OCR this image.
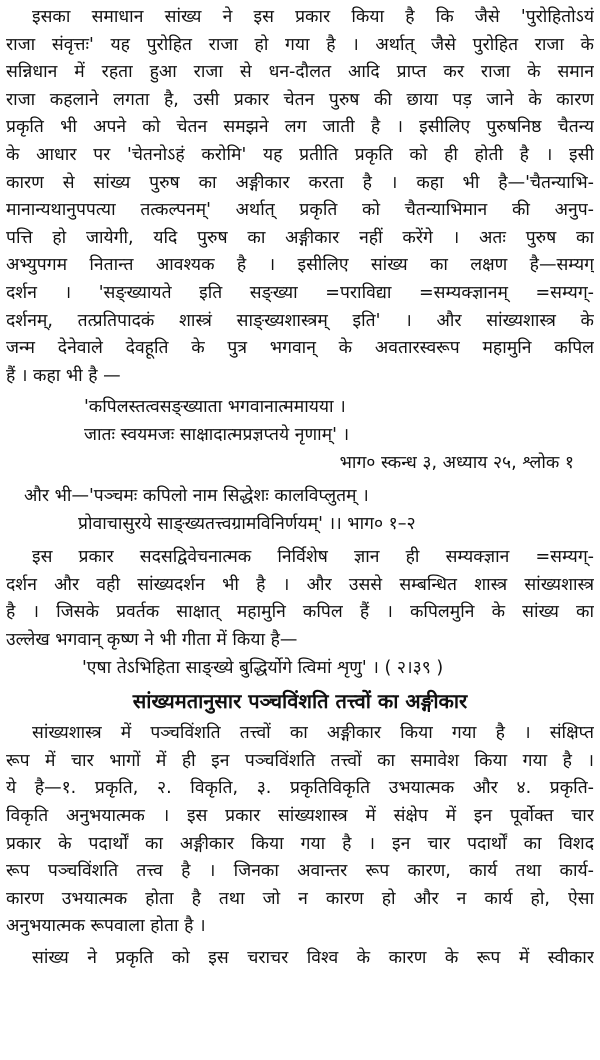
इसका समाधान सांख्य ने इस प्रकार किया है कि जैसे 'पुरोहितोऽयं
राजा संवृत्तः' यह पुरोहित राजा हो गया है । अर्थात् जैसे पुरोहित राजा के
सन्निधान में रहता हुआ राजा से धन-दौलत आदि प्राप्त कर राजा के समान
राजा कहलाने लगता है, उसी प्रकार चेतन पुरुष की छाया पड़ जाने के कारण
प्रकृति भी अपने को चेतन समझने लग जाती है । इसीलिए पुरुषनिष्ठ चैतन्य
के आधार पर 'चेतनोऽहं करोमि' यह प्रतीति प्रकृति को ही होती है । इसी
कारण से सांख्य पुरुष का अङ्गीकार करता है । कहा भी है—'चैतन्याभि-
मानान्यथानुपपत्या तत्कल्पनम्' अर्थात् प्रकृति को चैतन्याभिमान की अनुप-
पत्ति हो जायेगी, यदि पुरुष का अङ्गीकार नहीं करेंगे । अतः पुरुष का
अभ्युपगम नितान्त आवश्यक है । इसीलिए सांख्य का लक्षण है—सम्यग्
दर्शन । 'सङ्ख्यायते इति सङ्ख्या =पराविद्या =सम्यक्ज्ञानम् =सम्यग्-
दर्शनम्, तत्प्रतिपादकं शास्त्रं साङ्ख्यशास्त्रम् इति' । और सांख्यशास्त्र के
जन्म देनेवाले देवहूति के पुत्र भगवान् के अवतारस्वरूप महामुनि कपिल
हैं । कहा भी है —
'कपिलस्तत्वसङ्ख्याता भगवानात्ममायया ।
जातः स्वयमजः साक्षादात्मप्रज्ञप्तये नृणाम्' ।
भाग० स्कन्ध ३, अध्याय २५, श्लोक १
और भी—'पञ्चमः कपिलो नाम सिद्धेशः कालविप्लुतम् ।
प्रोवाचासुरये साङ्ख्यतत्त्वग्रामविनिर्णयम्' ।। भाग० १–२
इस प्रकार सदसद्विवेचनात्मक निर्विशेष ज्ञान ही सम्यक्ज्ञान =सम्यग्-
दर्शन और वही सांख्यदर्शन भी है । और उससे सम्बन्धित शास्त्र सांख्यशास्त्र
है । जिसके प्रवर्तक साक्षात् महामुनि कपिल हैं । कपिलमुनि के सांख्य का
उल्लेख भगवान् कृष्ण ने भी गीता में किया है—
'एषा तेऽभिहिता साङ्ख्ये बुद्धिर्योगे त्विमां शृणु' । ( २।३९ )
सांख्यमतानुसार पञ्चविंशति तत्त्वों का अङ्गीकार
सांख्यशास्त्र में पञ्चविंशति तत्त्वों का अङ्गीकार किया गया है । संक्षिप्त
रूप में चार भागों में ही इन पञ्चविंशति तत्त्वों का समावेश किया गया है ।
ये है—१. प्रकृति, २. विकृति, ३. प्रकृतिविकृति उभयात्मक और ४. प्रकृति-
विकृति अनुभयात्मक । इस प्रकार सांख्यशास्त्र में संक्षेप में इन पूर्वोक्त चार
प्रकार के पदार्थों का अङ्गीकार किया गया है । इन चार पदार्थों का विशद
रूप पञ्चविंशति तत्त्व है । जिनका अवान्तर रूप कारण, कार्य तथा कार्य-
कारण उभयात्मक होता है तथा जो न कारण हो और न कार्य हो, ऐसा
अनुभयात्मक रूपवाला होता है ।
सांख्य ने प्रकृति को इस चराचर विश्व के कारण के रूप में स्वीकार
